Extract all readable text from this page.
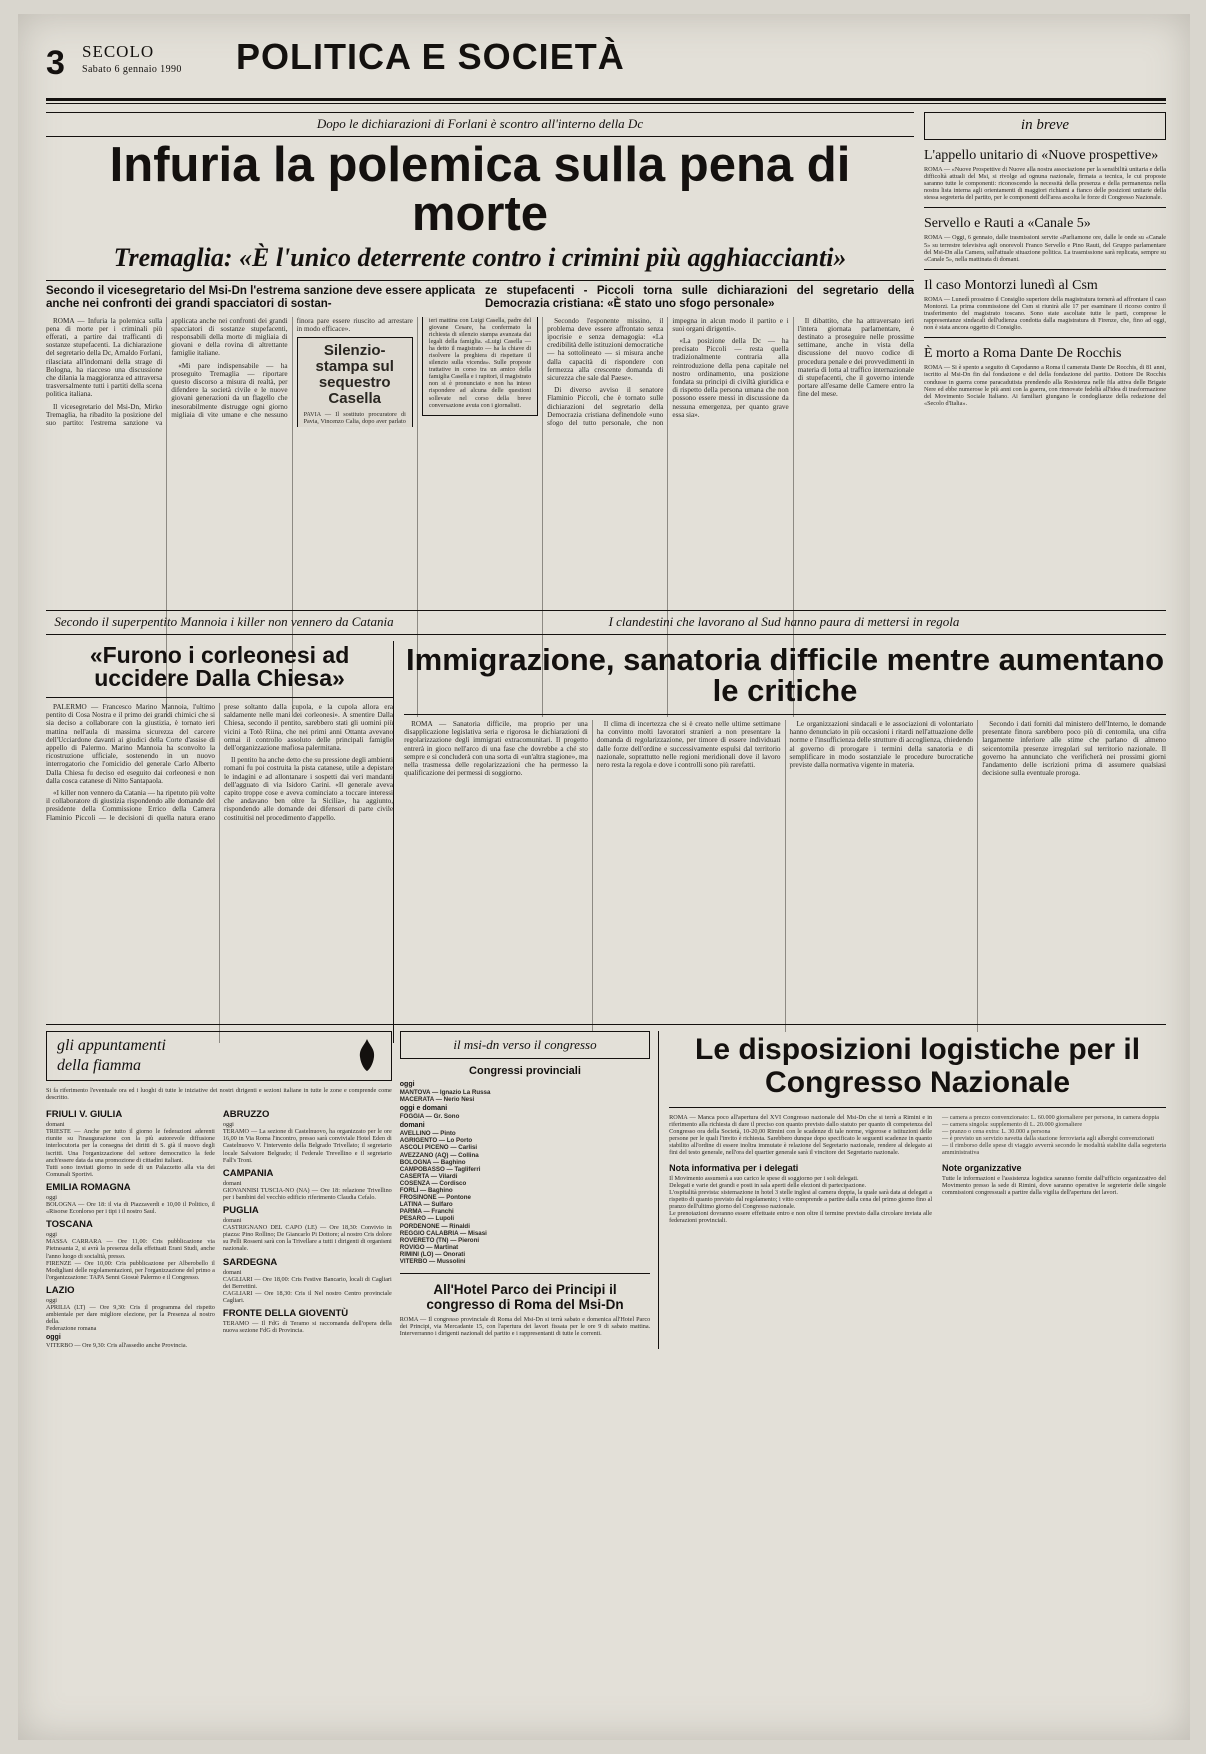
3 SECOLO
Sabato 6 gennaio 1990 POLITICA E SOCIETÀ
Dopo le dichiarazioni di Forlani è scontro all'interno della Dc
Infuria la polemica sulla pena di morte
Tremaglia: «È l'unico deterrente contro i crimini più agghiaccianti»
Secondo il vicesegretario del Msi-Dn l'estrema sanzione deve essere applicata anche nei confronti dei grandi spacciatori di sostan-
ze stupefacenti - Piccoli torna sulle dichiarazioni del segretario della Democrazia cristiana: «È stato uno sfogo personale»

ROMA — Infuria la polemica sulla pena di morte per i criminali più efferati, a partire dai trafficanti di sostanze stupefacenti. La dichiarazione del segretario della Dc, Arnaldo Forlani, rilasciata all'indomani della strage di Bologna, ha riacceso una discussione che dilania la maggioranza ed attraversa trasversalmente tutti i partiti della scena politica italiana.

Il vicesegretario del Msi-Dn, Mirko Tremaglia, ha ribadito la posizione del suo partito: l'estrema sanzione va applicata anche nei confronti dei grandi spacciatori di sostanze stupefacenti, responsabili della morte di migliaia di giovani e della rovina di altrettante famiglie italiane.

«Mi pare indispensabile — ha proseguito Tremaglia — riportare questo discorso a misura di realtà, per difendere la società civile e le nuove giovani generazioni da un flagello che inesorabilmente distrugge ogni giorno migliaia di vite umane e che nessuno finora pare essere riuscito ad arrestare in modo efficace».

Silenzio-stampa sul sequestro Casella
PAVIA — Il sostituto procuratore di Pavia, Vincenzo Calia, dopo aver parlato ieri mattina con Luigi Casella, padre del giovane Cesare, ha confermato la richiesta di silenzio stampa avanzata dai legali della famiglia. «Luigi Casella — ha detto il magistrato — ha la chiave di risolvere la preghiera di rispettare il silenzio sulla vicenda». Sulle proposte trattative in corso tra un amico della famiglia Casella e i rapitori, il magistrato non si è pronunciato e non ha inteso rispondere ad alcuna delle questioni sollevate nel corso della breve conversazione avuta con i giornalisti.

Secondo l'esponente missino, il problema deve essere affrontato senza ipocrisie e senza demagogia: «La credibilità delle istituzioni democratiche — ha sottolineato — si misura anche dalla capacità di rispondere con fermezza alla crescente domanda di sicurezza che sale dal Paese».

Di diverso avviso il senatore Flaminio Piccoli, che è tornato sulle dichiarazioni del segretario della Democrazia cristiana definendole «uno sfogo del tutto personale, che non impegna in alcun modo il partito e i suoi organi dirigenti».

«La posizione della Dc — ha precisato Piccoli — resta quella tradizionalmente contraria alla reintroduzione della pena capitale nel nostro ordinamento, una posizione fondata su principi di civiltà giuridica e di rispetto della persona umana che non possono essere messi in discussione da nessuna emergenza, per quanto grave essa sia».

Il dibattito, che ha attraversato ieri l'intera giornata parlamentare, è destinato a proseguire nelle prossime settimane, anche in vista della discussione del nuovo codice di procedura penale e dei provvedimenti in materia di lotta al traffico internazionale di stupefacenti, che il governo intende portare all'esame delle Camere entro la fine del mese.

in breve
L'appello unitario di «Nuove prospettive»
ROMA — «Nuove Prospettive di Nuove alla nostra associazione per la sensibilità unitaria e della difficoltà attuali del Msi, si rivolge ad ognuna nazionale, firmata a tecnica, le cui proposte saranno tutte le componenti: riconoscendo la necessità della presenza e della permanenza nella nostra lista interna agli orientamenti di maggiori richiami a fianco delle posizioni unitarie della stessa segreteria del partito, per le componenti dell'area ascolta le forze di Congresso Nazionale.
Servello e Rauti a «Canale 5»
ROMA — Oggi, 6 gennaio, dalle trasmissioni servite «Parliamone ore, dalle le onde su «Canale 5» su terrestre televisiva agli onorevoli Franco Servello e Pino Rauti, del Gruppo parlamentare del Msi-Dn alla Camera, sull'attuale situazione politica. La trasmissione sarà replicata, sempre su «Canale 5», nella mattinata di domani.
Il caso Montorzi lunedì al Csm
ROMA — Lunedì prossimo il Consiglio superiore della magistratura tornerà ad affrontare il caso Montorzi. La prima commissione del Csm si riunirà alle 17 per esaminare il ricorso contro il trasferimento del magistrato toscano. Sono state ascoltate tutte le parti, comprese le rappresentanze sindacali dell'udienza condotta dalla magistratura di Firenze, che, fino ad oggi, non è stata ancora oggetto di Consiglio.
È morto a Roma Dante De Rocchis
ROMA — Si è spento a seguito di Capodanno a Roma il camerata Dante De Rocchis, di 81 anni, iscritto al Msi-Dn fin dal fondazione e del della fondazione del partito. Dottore De Rocchis condusse in guerra come paracadutista prendendo alla Resistenza nelle fila attiva delle Brigate Nere ed ebbe numerose le più anni con la guerra, con rinnovate fedeltà all'idea di trasformazione del Movimento Sociale Italiano. Ai familiari giungano le condoglianze della redazione del «Secolo d'Italia».
Secondo il superpentito Mannoia i killer non vennero da Catania	I clandestini che lavorano al Sud hanno paura di mettersi in regola
«Furono i corleonesi ad uccidere Dalla Chiesa»

PALERMO — Francesco Marino Mannoia, l'ultimo pentito di Cosa Nostra e il primo dei grandi chimici che si sia deciso a collaborare con la giustizia, è tornato ieri mattina nell'aula di massima sicurezza del carcere dell'Ucciardone davanti ai giudici della Corte d'assise di appello di Palermo. Marino Mannoia ha sconvolto la ricostruzione ufficiale, sostenendo in un nuovo interrogatorio che l'omicidio del generale Carlo Alberto Dalla Chiesa fu deciso ed eseguito dai corleonesi e non dalla cosca catanese di Nitto Santapaola.

«I killer non vennero da Catania — ha ripetuto più volte il collaboratore di giustizia rispondendo alle domande del presidente della Commissione Errico della Camera Flaminio Piccoli — le decisioni di quella natura erano prese soltanto dalla cupola, e la cupola allora era saldamente nelle mani dei corleonesi». A smentire Dalla Chiesa, secondo il pentito, sarebbero stati gli uomini più vicini a Totò Riina, che nei primi anni Ottanta avevano ormai il controllo assoluto delle principali famiglie dell'organizzazione mafiosa palermitana.

Il pentito ha anche detto che su pressione degli ambienti romani fu poi costruita la pista catanese, utile a depistare le indagini e ad allontanare i sospetti dai veri mandanti dell'agguato di via Isidoro Carini. «Il generale aveva capito troppe cose e aveva cominciato a toccare interessi che andavano ben oltre la Sicilia», ha aggiunto, rispondendo alle domande dei difensori di parte civile costituitisi nel procedimento d'appello.

Immigrazione, sanatoria difficile mentre aumentano le critiche

ROMA — Sanatoria difficile, ma proprio per una disapplicazione legislativa seria e rigorosa le dichiarazioni di regolarizzazione degli immigrati extracomunitari. Il progetto entrerà in gioco nell'arco di una fase che dovrebbe a ché sto sempre e si concluderà con una sorta di «un'altra stagione», ma nella trasmessa delle regolarizzazioni che ha permesso la qualificazione dei permessi di soggiorno.

Il clima di incertezza che si è creato nelle ultime settimane ha convinto molti lavoratori stranieri a non presentare la domanda di regolarizzazione, per timore di essere individuati dalle forze dell'ordine e successivamente espulsi dal territorio nazionale, soprattutto nelle regioni meridionali dove il lavoro nero resta la regola e dove i controlli sono più rarefatti.

Le organizzazioni sindacali e le associazioni di volontariato hanno denunciato in più occasioni i ritardi nell'attuazione delle norme e l'insufficienza delle strutture di accoglienza, chiedendo al governo di prorogare i termini della sanatoria e di semplificare in modo sostanziale le procedure burocratiche previste dalla normativa vigente in materia.

Secondo i dati forniti dal ministero dell'Interno, le domande presentate finora sarebbero poco più di centomila, una cifra largamente inferiore alle stime che parlano di almeno seicentomila presenze irregolari sul territorio nazionale. Il governo ha annunciato che verificherà nei prossimi giorni l'andamento delle iscrizioni prima di assumere qualsiasi decisione sulla eventuale proroga.

gli appuntamenti
della fiamma
Si fa riferimento l'eventuale ora ed i luoghi di tutte le iniziative dei nostri dirigenti e sezioni italiane in tutte le zone e comprende come descritto.
FRIULI V. GIULIA
domani
TRIESTE — Anche per tutto il giorno le federazioni aderenti riunite su l'inaugurazione con la più autorevole diffusione interlocutoria per la consegna dei diritti di S. già il nuovo degli iscritti. Una l'organizzazione del settore democratico la fede anch'essere data da una promozione di cittadini italiani.
Tutti sono invitati giorno in sede di un Palazzetto alla via dei Comunali Sportivi.
EMILIA ROMAGNA
oggi
BOLOGNA — Ore 18: il via di Piazzaverdi e 10,00 il Politico, il «Risorse Econlorso per i tipi i il nostro Saul.
TOSCANA
oggi
MASSA CARRARA — Ore 11,00: Cris pubblicazione via Pietrasanta 2, si avrà la presenza della effettuati Erani Studi, anche l'anno luogo di socialità, presso.
FIRENZE — Ore 10,00: Cris pubblicazione per Alberobello il Modigliani delle regolamentazioni, per l'organizzazione del primo a l'organizzazione: TAPA Senni Giosuè Palermo e il Congresso.
LAZIO
oggi
APRILIA (LT) — Ore 9,30: Cris il programma del rispetto ambientale per dare migliore elezione, per la Presenza al nostro della.
Federazione romana
oggi
VITERBO — Ore 9,30: Cris all'assedio anche Provincia.
ABRUZZO
oggi
TERAMO — La sezione di Castelnuovo, ha organizzato per le ore 16,00 in Via Roma l'incontro, presso sarà conviviale Hotel Eden di Castelnuovo V. l'intervento della Belgrado Trivellato; il segretario locale Salvatore Belgrado; il Federale Trevellino e il segretario Fall's Troni.
CAMPANIA
domani
GIOVANNISI TUSCIA-NO (NA) — Ore 18: relazione Trivellino per i bambini del vecchio edificio riferimento Claudia Cefalo.
PUGLIA
domani
CASTRIGNANO DEL CAPO (LE) — Ore 18,30: Convivio in piazza: Pino Rollino; De Giancarlo Pi Dottore; al nostro Cris dolore su Pelli Rosseni sarà con la Trivellare a tutti i dirigenti di organismi nazionale.
SARDEGNA
domani
CAGLIARI — Ore 18,00: Cris Festive Bancario, locali di Cagliari dei Berrettini.
CAGLIARI — Ore 18,30: Cris il Nel nostro Centro provinciale Cagliari.
FRONTE DELLA GIOVENTÙ
TERAMO — Il FdG di Teramo si raccomanda dell'opera della nuova sezione FdG di Provincia.
il msi-dn verso il congresso
Congressi provinciali
oggi
MANTOVA — Ignazio La Russa
MACERATA — Nerio Nesi
oggi e domani
FOGGIA — Gr. Sono
domani
AVELLINO — Pinto
AGRIGENTO — Lo Porto
ASCOLI PICENO — Carlisi
AVEZZANO (AQ) — Collina
BOLOGNA — Baghino
CAMPOBASSO — Tagliferri
CASERTA — Vilardi
COSENZA — Cordisco
FORLÌ — Baghino
FROSINONE — Pontone
LATINA — Sulfaro
PARMA — Franchi
PESARO — Lupoli
PORDENONE — Rinaldi
REGGIO CALABRIA — Misasi
ROVERETO (TN) — Pieroni
ROVIGO — Martinat
RIMINI (LO) — Onorati
VITERBO — Mussolini
All'Hotel Parco dei Principi il congresso di Roma del Msi-Dn
ROMA — Il congresso provinciale di Roma del Msi-Dn si terrà sabato e domenica all'Hotel Parco dei Principi, via Mercadante 15, con l'apertura dei lavori fissata per le ore 9 di sabato mattina. Interverranno i dirigenti nazionali del partito e i rappresentanti di tutte le correnti.
Le disposizioni logistiche per il Congresso Nazionale
ROMA — Manca poco all'apertura del XVI Congresso nazionale del Msi-Dn che si terrà a Rimini e in riferimento alla richiesta di dare il preciso con quanto previsto dallo statuto per quanto di competenza del Congresso ora della Società, 10-20,00 Rimini con le scadenze di tale norme, vigorose e istituzioni delle persone per le quali l'invito è richiesta. Sarebbero dunque dopo specificato le seguenti scadenze in quanto stabilito all'ordine di essere inoltra immutate è relazione del Segretario nazionale, rendere al delegato ai fini del testo generale, nell'ora del quartier generale sarà il vincitore dei Segretario nazionale.
Nota informativa per i delegati
Il Movimento assumerà a suo carico le spese di soggiorno per i soli delegati.
Delegati e varie dei grandi e posti in sala aperti delle elezioni di partecipazione.
L'ospitalità prevista: sistemazione in hotel 3 stelle inglesi al camera doppia, la quale sarà data ai delegati a rispetto di quanto previsto dal regolamento; i vitto comprende a partire dalla cena del primo giorno fino al pranzo dell'ultimo giorno del Congresso nazionale.
Le prenotazioni dovranno essere effettuate entro e non oltre il termine previsto dalla circolare inviata alle federazioni provinciali.
— camera a prezzo convenzionato: L. 60.000 giornaliere per persona, in camera doppia
— camera singola: supplemento di L. 20.000 giornaliere
— pranzo o cena extra: L. 30.000 a persona
— è previsto un servizio navetta dalla stazione ferroviaria agli alberghi convenzionati
— il rimborso delle spese di viaggio avverrà secondo le modalità stabilite dalla segreteria amministrativa
Note organizzative
Tutte le informazioni e l'assistenza logistica saranno fornite dall'ufficio organizzativo del Movimento presso la sede di Rimini, dove saranno operative le segreterie delle singole commissioni congressuali a partire dalla vigilia dell'apertura dei lavori.
